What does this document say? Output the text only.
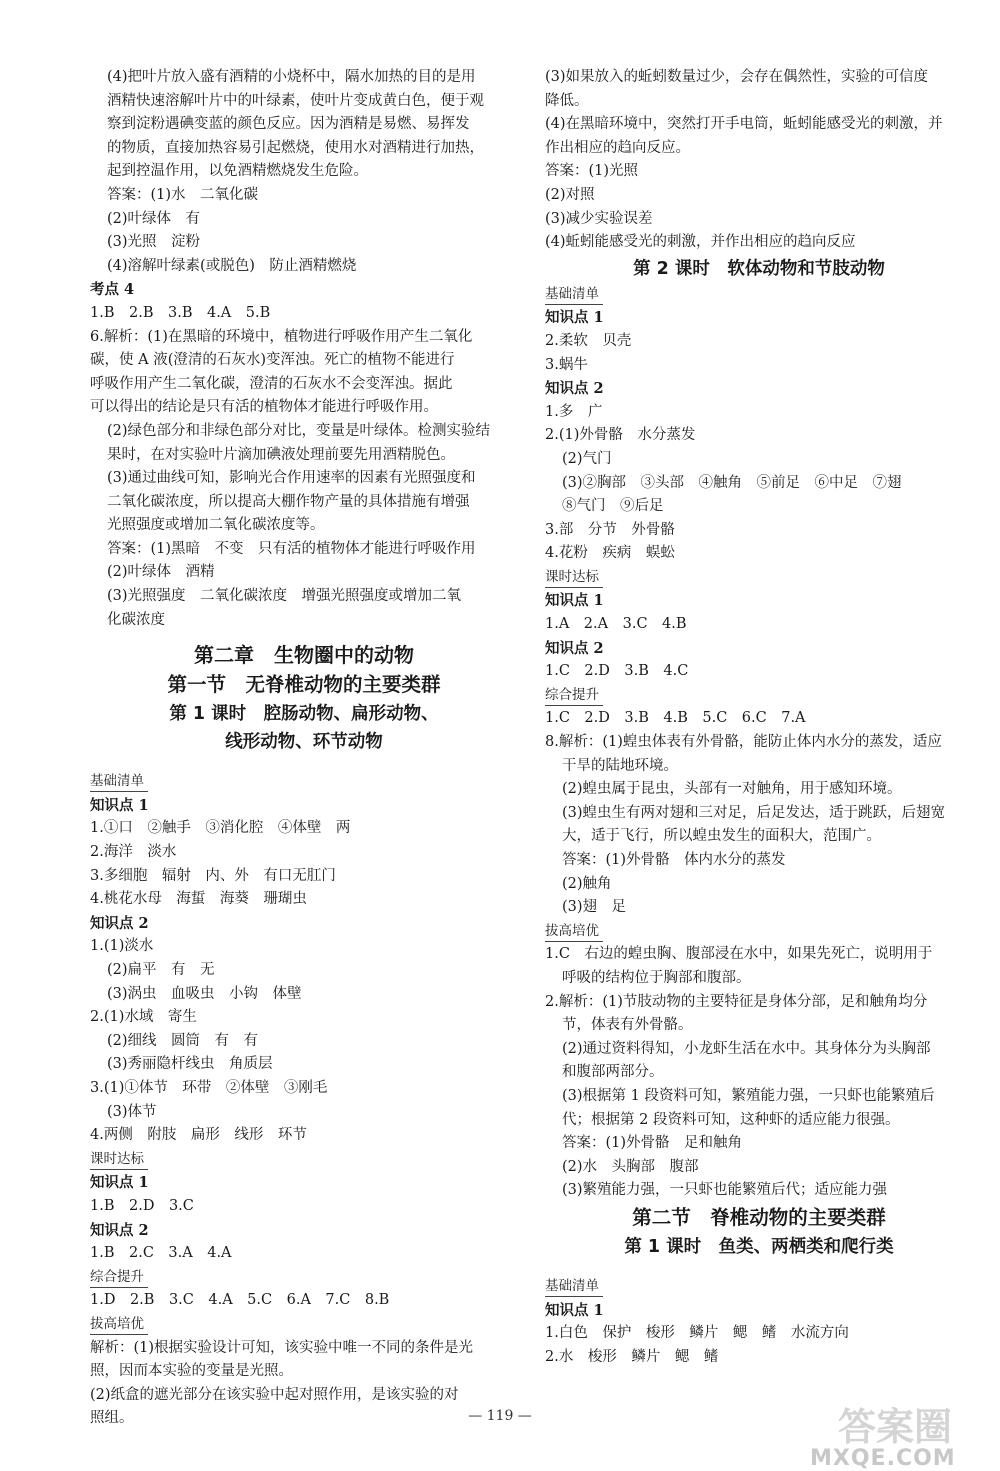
(4)把叶片放入盛有酒精的小烧杯中，隔水加热的目的是用
酒精快速溶解叶片中的叶绿素，使叶片变成黄白色，便于观
察到淀粉遇碘变蓝的颜色反应。因为酒精是易燃、易挥发
的物质，直接加热容易引起燃烧，使用水对酒精进行加热，
起到控温作用，以免酒精燃烧发生危险。
答案：(1)水　二氧化碳
(2)叶绿体　有
(3)光照　淀粉
(4)溶解叶绿素(或脱色)　防止酒精燃烧
考点 4
1.B　2.B　3.B　4.A　5.B
6.解析：(1)在黑暗的环境中，植物进行呼吸作用产生二氧化
碳，使 A 液(澄清的石灰水)变浑浊。死亡的植物不能进行
呼吸作用产生二氧化碳，澄清的石灰水不会变浑浊。据此
可以得出的结论是只有活的植物体才能进行呼吸作用。
(2)绿色部分和非绿色部分对比，变量是叶绿体。检测实验结
果时，在对实验叶片滴加碘液处理前要先用酒精脱色。
(3)通过曲线可知，影响光合作用速率的因素有光照强度和
二氧化碳浓度，所以提高大棚作物产量的具体措施有增强
光照强度或增加二氧化碳浓度等。
答案：(1)黑暗　不变　只有活的植物体才能进行呼吸作用
(2)叶绿体　酒精
(3)光照强度　二氧化碳浓度　增强光照强度或增加二氧
化碳浓度
第二章　生物圈中的动物
第一节　无脊椎动物的主要类群
第 1 课时　腔肠动物、扁形动物、
线形动物、环节动物
基础清单
知识点 1
1.①口　②触手　③消化腔　④体壁　两
2.海洋　淡水
3.多细胞　辐射　内、外　有口无肛门
4.桃花水母　海蜇　海葵　珊瑚虫
知识点 2
1.(1)淡水
(2)扁平　有　无
(3)涡虫　血吸虫　小钩　体壁
2.(1)水域　寄生
(2)细线　圆筒　有　有
(3)秀丽隐杆线虫　角质层
3.(1)①体节　环带　②体壁　③刚毛
(3)体节
4.两侧　附肢　扁形　线形　环节
课时达标
知识点 1
1.B　2.D　3.C
知识点 2
1.B　2.C　3.A　4.A
综合提升
1.D　2.B　3.C　4.A　5.C　6.A　7.C　8.B
拔高培优
解析：(1)根据实验设计可知，该实验中唯一不同的条件是光
照，因而本实验的变量是光照。
(2)纸盒的遮光部分在该实验中起对照作用，是该实验的对
照组。
(3)如果放入的蚯蚓数量过少，会存在偶然性，实验的可信度
降低。
(4)在黑暗环境中，突然打开手电筒，蚯蚓能感受光的刺激，并
作出相应的趋向反应。
答案：(1)光照
(2)对照
(3)减少实验误差
(4)蚯蚓能感受光的刺激，并作出相应的趋向反应
第 2 课时　软体动物和节肢动物
基础清单
知识点 1
2.柔软　贝壳
3.蜗牛
知识点 2
1.多　广
2.(1)外骨骼　水分蒸发
(2)气门
(3)②胸部　③头部　④触角　⑤前足　⑥中足　⑦翅
⑧气门　⑨后足
3.部　分节　外骨骼
4.花粉　疾病　蜈蚣
课时达标
知识点 1
1.A　2.A　3.C　4.B
知识点 2
1.C　2.D　3.B　4.C
综合提升
1.C　2.D　3.B　4.B　5.C　6.C　7.A
8.解析：(1)蝗虫体表有外骨骼，能防止体内水分的蒸发，适应
干旱的陆地环境。
(2)蝗虫属于昆虫，头部有一对触角，用于感知环境。
(3)蝗虫生有两对翅和三对足，后足发达，适于跳跃，后翅宽
大，适于飞行，所以蝗虫发生的面积大，范围广。
答案：(1)外骨骼　体内水分的蒸发
(2)触角
(3)翅　足
拔高培优
1.C　右边的蝗虫胸、腹部浸在水中，如果先死亡，说明用于
呼吸的结构位于胸部和腹部。
2.解析：(1)节肢动物的主要特征是身体分部，足和触角均分
节，体表有外骨骼。
(2)通过资料得知，小龙虾生活在水中。其身体分为头胸部
和腹部两部分。
(3)根据第 1 段资料可知，繁殖能力强，一只虾也能繁殖后
代；根据第 2 段资料可知，这种虾的适应能力很强。
答案：(1)外骨骼　足和触角
(2)水　头胸部　腹部
(3)繁殖能力强，一只虾也能繁殖后代；适应能力强
第二节　脊椎动物的主要类群
第 1 课时　鱼类、两栖类和爬行类
基础清单
知识点 1
1.白色　保护　梭形　鳞片　鳃　鳍　水流方向
2.水　梭形　鳞片　鳃　鳍
— 119 —	答案圈
MXQE.COM
